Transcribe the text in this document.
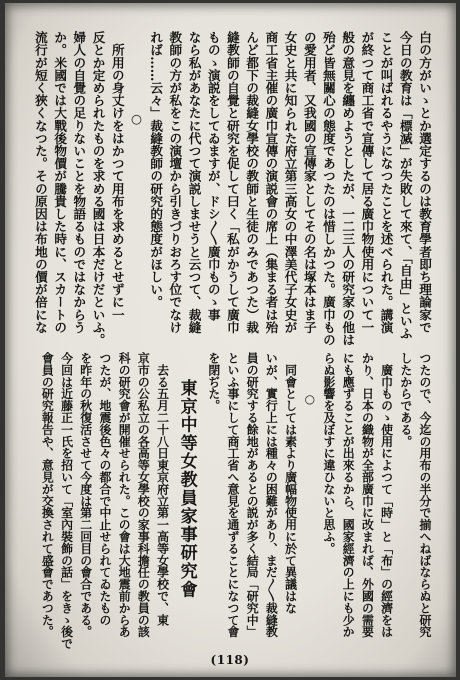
白の方がいゝとか選定するのは教育學者即ち理論家で
今日の教育は「標滅」が失敗して來て、「自由」といふ
ことが叫ばれるやうになつたことを述べられた。講演
が終つて商工省で宣傳して居る廣巾物使用について一
般の意見を纏めようとしたが、一二三人の研究家の他は
殆ど皆無關心の態度であつたのは惜しかつた。廣巾もの
の愛用者、又我國の宣傳家としてその名は塚本はま子
女史と共に知られた府立第三高女の中澤美代子女史が
商工省主催の廣巾宣傳の演説會の席上（集まる者は殆
んど都下の裁縫女學校の教師と生徒のみであつた）裁
縫教師の自覺と研究を促して曰く「私がかうして廣巾
ものゝ演説をしてゐますが、ドシ〱廣巾ものゝ事
なら私があなたに代つて演説しませうと云つて、裁縫
教師の方が私をこの演壇から引きづりおろす位でなけ
れば……云々」裁縫教師の研究的態度がほしい。
○
　所用の身丈けをはかつて用布を求めるとせずに一
反とか定められたものを求める國は日本だけだといふ。
婦人の自覺の足りないことを物語るものではなからう
か。米國では大戰後物價が騰貴した時に、スカートの
流行が短く狹くなつた。その原因は布地の價が倍にな
つたので、今迄の用布の半分で揃へねばならぬと研究
したからである。
　廣巾ものゝ使用によつて「時」と「布」の經濟をは
かり、日本の織物が全部廣巾に改まれば、外國の需要
にも應ずることが出來るから、國家經濟の上にも少か
らぬ影響を及ぼすに違ひないと思ふ。
○
　同會としては素より廣幅物使用に於て異議はな
いが、實行上には種々の困難があり、まだ〱裁縫教
員の研究する餘地があるとの説が多く結局「研究中」
といふ事にして商工省へ意見を通ずることになつて會
を閉ぢた。
東京中等女教員家事研究會
　去る五月二十八日東京府立第一高等女學校で、東
京市の公私立の各高等女學校の家事科擔任の教員の該
科の研究會が開催せられた。この會は大地震前からあ
つたが、地震後色々の都合で中止せられてゐたもの
を昨年の秋復活させて今度は第二回目の會合である。
今回は近藤正一氏を招いて「室內裝飾の話」をきゝ後で
會員の研究報告や、意見が交換されて盛會であつた。
(118)
